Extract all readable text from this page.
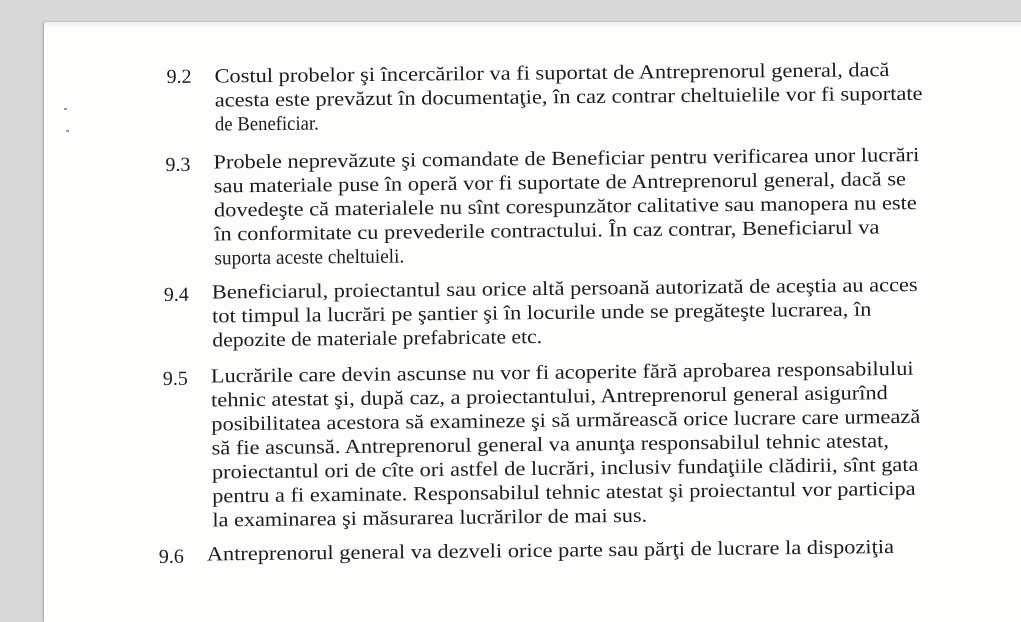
9.2 Costul probelor şi încercărilor va fi suportat de Antreprenorul general, dacă
acesta este prevăzut în documentaţie, în caz contrar cheltuielile vor fi suportate
de Beneficiar.
9.3 Probele neprevăzute şi comandate de Beneficiar pentru verificarea unor lucrări
sau materiale puse în operă vor fi suportate de Antreprenorul general, dacă se
dovedeşte că materialele nu sînt corespunzător calitative sau manopera nu este
în conformitate cu prevederile contractului. În caz contrar, Beneficiarul va
suporta aceste cheltuieli.
9.4 Beneficiarul, proiectantul sau orice altă persoană autorizată de aceştia au acces
tot timpul la lucrări pe şantier şi în locurile unde se pregăteşte lucrarea, în
depozite de materiale prefabricate etc.
9.5 Lucrările care devin ascunse nu vor fi acoperite fără aprobarea responsabilului
tehnic atestat şi, după caz, a proiectantului, Antreprenorul general asigurînd
posibilitatea acestora să examineze şi să urmărească orice lucrare care urmează
să fie ascunsă. Antreprenorul general va anunţa responsabilul tehnic atestat,
proiectantul ori de cîte ori astfel de lucrări, inclusiv fundaţiile clădirii, sînt gata
pentru a fi examinate. Responsabilul tehnic atestat şi proiectantul vor participa
la examinarea şi măsurarea lucrărilor de mai sus.
9.6 Antreprenorul general va dezveli orice parte sau părţi de lucrare la dispoziţia
